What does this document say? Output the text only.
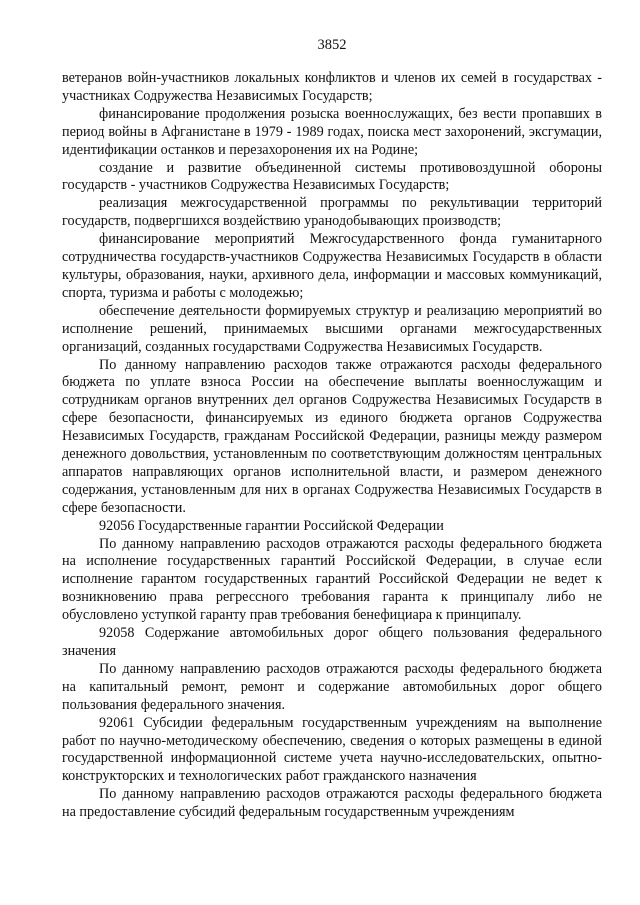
3852

ветеранов войн-участников локальных конфликтов и членов их семей в государствах - участниках Содружества Независимых Государств;

финансирование продолжения розыска военнослужащих, без вести пропавших в период войны в Афганистане в 1979 - 1989 годах, поиска мест захоронений, эксгумации, идентификации останков и перезахоронения их на Родине;

создание и развитие объединенной системы противовоздушной обороны государств - участников Содружества Независимых Государств;

реализация межгосударственной программы по рекультивации территорий государств, подвергшихся воздействию уранодобывающих производств;

финансирование мероприятий Межгосударственного фонда гуманитарного сотрудничества государств-участников Содружества Независимых Государств в области культуры, образования, науки, архивного дела, информации и массовых коммуникаций, спорта, туризма и работы с молодежью;

обеспечение деятельности формируемых структур и реализацию мероприятий во исполнение решений, принимаемых высшими органами межгосударственных организаций, созданных государствами Содружества Независимых Государств.

По данному направлению расходов также отражаются расходы федерального бюджета по уплате взноса России на обеспечение выплаты военнослужащим и сотрудникам органов внутренних дел органов Содружества Независимых Государств в сфере безопасности, финансируемых из единого бюджета органов Содружества Независимых Государств, гражданам Российской Федерации, разницы между размером денежного довольствия, установленным по соответствующим должностям центральных аппаратов направляющих органов исполнительной власти, и размером денежного содержания, установленным для них в органах Содружества Независимых Государств в сфере безопасности.

92056 Государственные гарантии Российской Федерации

По данному направлению расходов отражаются расходы федерального бюджета на исполнение государственных гарантий Российской Федерации, в случае если исполнение гарантом государственных гарантий Российской Федерации не ведет к возникновению права регрессного требования гаранта к принципалу либо не обусловлено уступкой гаранту прав требования бенефициара к принципалу.

92058 Содержание автомобильных дорог общего пользования федерального значения

По данному направлению расходов отражаются расходы федерального бюджета на капитальный ремонт, ремонт и содержание автомобильных дорог общего пользования федерального значения.

92061 Субсидии федеральным государственным учреждениям на выполнение работ по научно-методическому обеспечению, сведения о которых размещены в единой государственной информационной системе учета научно-исследовательских, опытно-конструкторских и технологических работ гражданского назначения

По данному направлению расходов отражаются расходы федерального бюджета на предоставление субсидий федеральным государственным учреждениям
